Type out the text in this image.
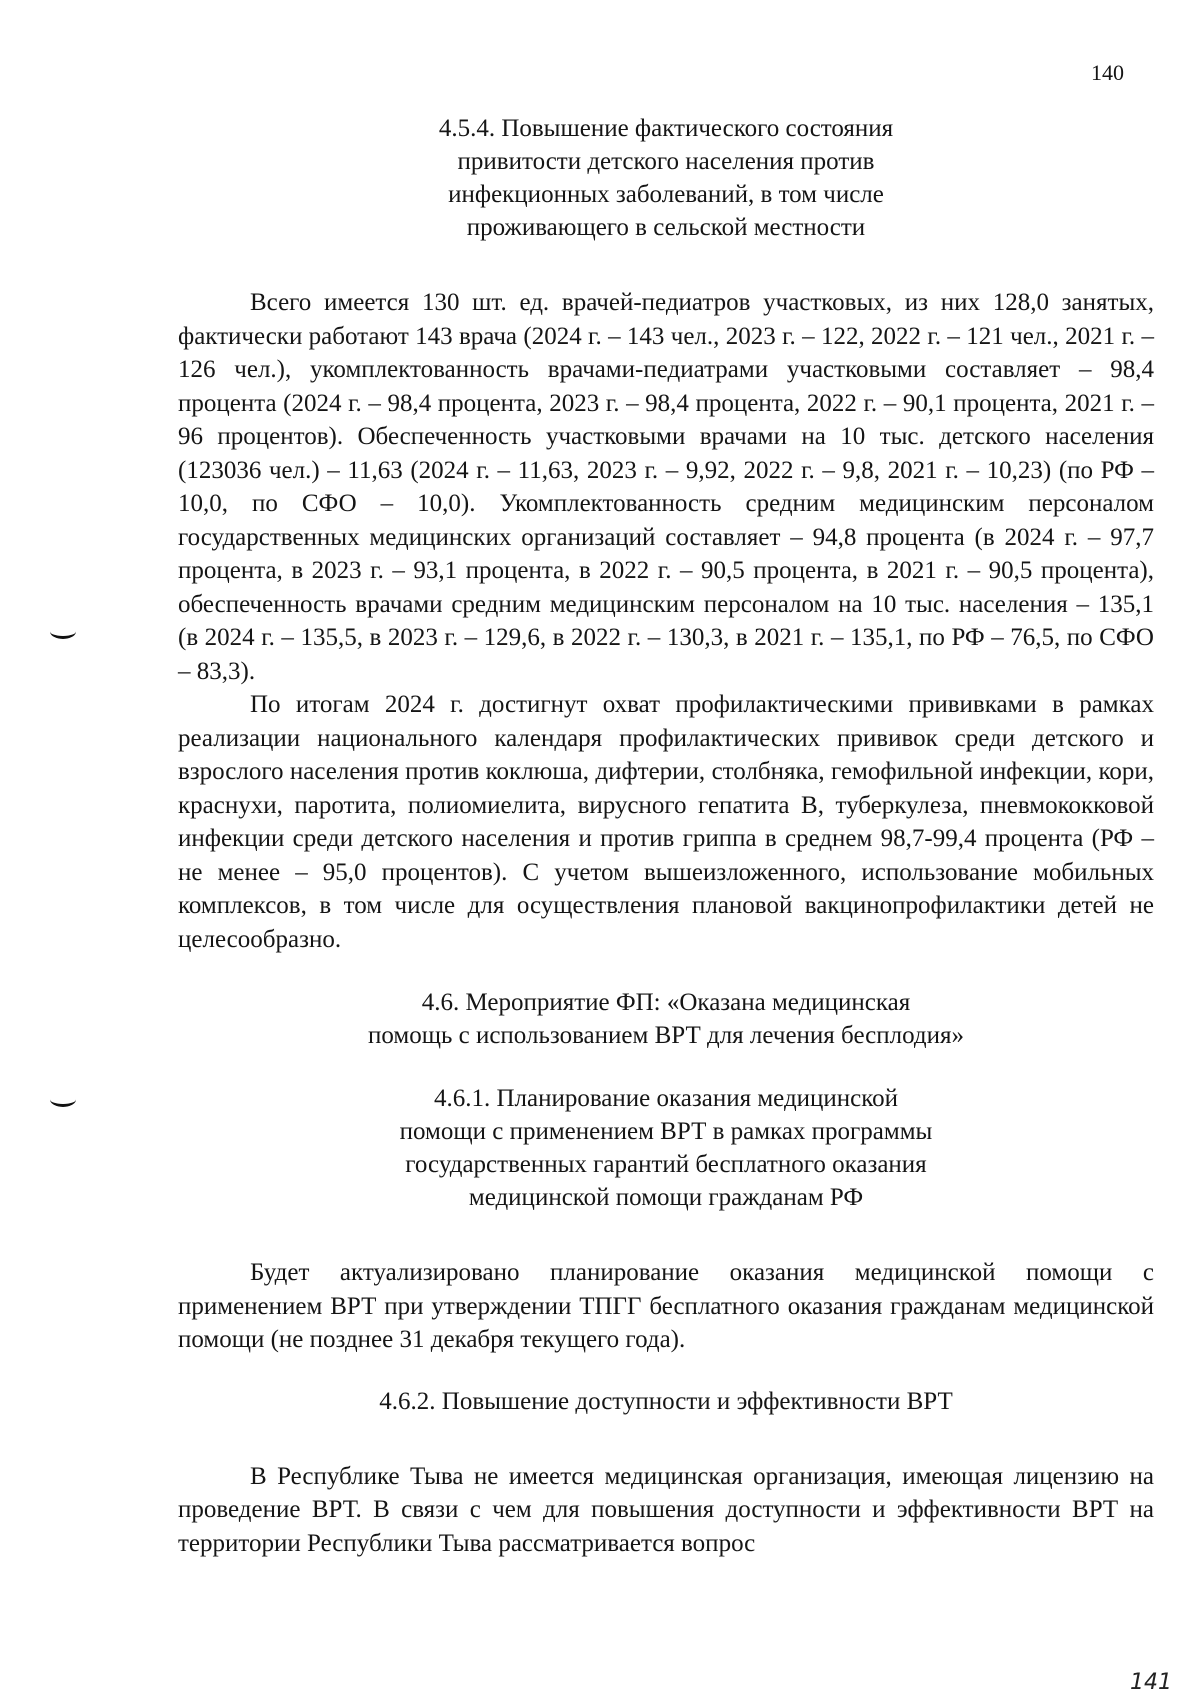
140
4.5.4. Повышение фактического состояния
привитости детского населения против
инфекционных заболеваний, в том числе
проживающего в сельской местности

Всего имеется 130 шт. ед. врачей-педиатров участковых, из них 128,0 занятых, фактически работают 143 врача (2024 г. – 143 чел., 2023 г. – 122, 2022 г. – 121 чел., 2021 г. – 126 чел.), укомплектованность врачами-педиатрами участковыми составляет – 98,4 процента (2024 г. – 98,4 процента, 2023 г. – 98,4 процента, 2022 г. – 90,1 процента, 2021 г. – 96 процентов). Обеспеченность участковыми врачами на 10 тыс. детского населения (123036 чел.) – 11,63 (2024 г. – 11,63, 2023 г. – 9,92, 2022 г. – 9,8, 2021 г. – 10,23) (по РФ – 10,0, по СФО – 10,0). Укомплектованность средним медицинским персоналом государственных медицинских организаций составляет – 94,8 процента (в 2024 г. – 97,7 процента, в 2023 г. – 93,1 процента, в 2022 г. – 90,5 процента, в 2021 г. – 90,5 процента), обеспеченность врачами средним медицинским персоналом на 10 тыс. населения – 135,1 (в 2024 г. – 135,5, в 2023 г. – 129,6, в 2022 г. – 130,3, в 2021 г. – 135,1, по РФ – 76,5, по СФО – 83,3).

По итогам 2024 г. достигнут охват профилактическими прививками в рамках реализации национального календаря профилактических прививок среди детского и взрослого населения против коклюша, дифтерии, столбняка, гемофильной инфекции, кори, краснухи, паротита, полиомиелита, вирусного гепатита В, туберкулеза, пневмококковой инфекции среди детского населения и против гриппа в среднем 98,7-99,4 процента (РФ – не менее – 95,0 процентов). С учетом вышеизложенного, использование мобильных комплексов, в том числе для осуществления плановой вакцинопрофилактики детей не целесообразно.

4.6. Мероприятие ФП: «Оказана медицинская
помощь с использованием ВРТ для лечения бесплодия»
4.6.1. Планирование оказания медицинской
помощи с применением ВРТ в рамках программы
государственных гарантий бесплатного оказания
медицинской помощи гражданам РФ

Будет актуализировано планирование оказания медицинской помощи с применением ВРТ при утверждении ТПГГ бесплатного оказания гражданам медицинской помощи (не позднее 31 декабря текущего года).

4.6.2. Повышение доступности и эффективности ВРТ

В Республике Тыва не имеется медицинская организация, имеющая лицензию на проведение ВРТ. В связи с чем для повышения доступности и эффективности ВРТ на территории Республики Тыва рассматривается вопрос

141
